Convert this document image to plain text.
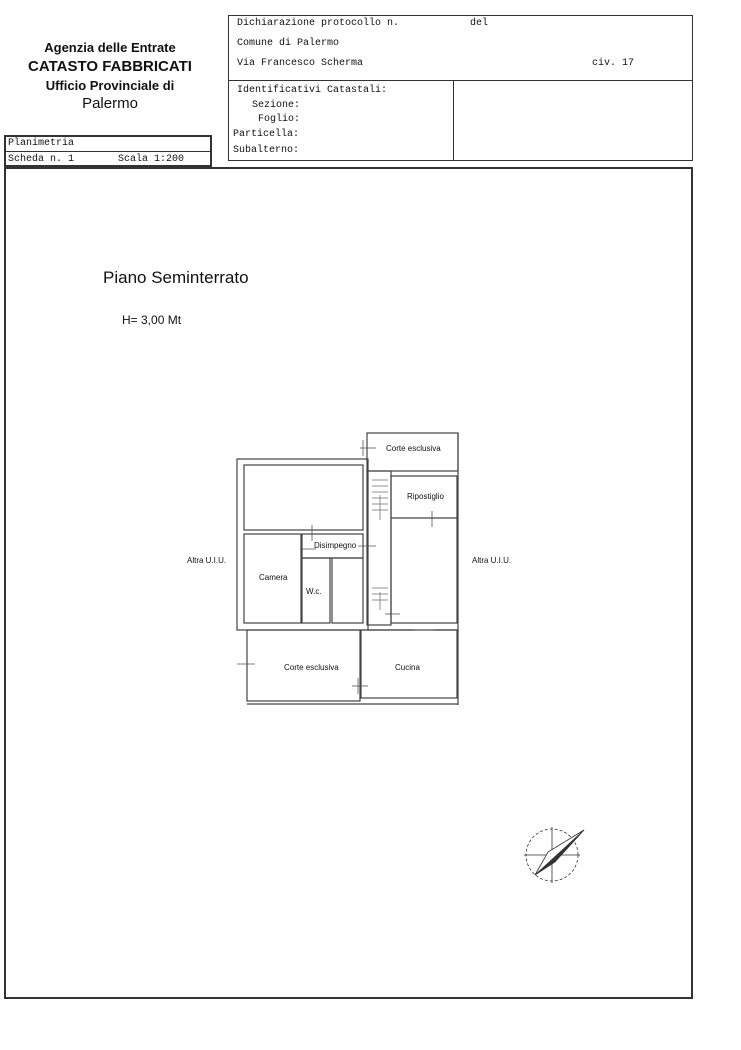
Agenzia delle Entrate
CATASTO FABBRICATI
Ufficio Provinciale di
Palermo
Dichiarazione protocollo n.	del
Comune di Palermo
Via Francesco Scherma	civ. 17
Identificativi Catastali:
Sezione:
Foglio:
Particella:
Subalterno:
Planimetria
Scheda n. 1	Scala 1:200
Piano Seminterrato
H= 3,00 Mt
Corte esclusiva
Ripostiglio
Disimpegno
Camera
W.c.
Corte esclusiva	Cucina
Altra U.I.U.	Altra U.I.U.
